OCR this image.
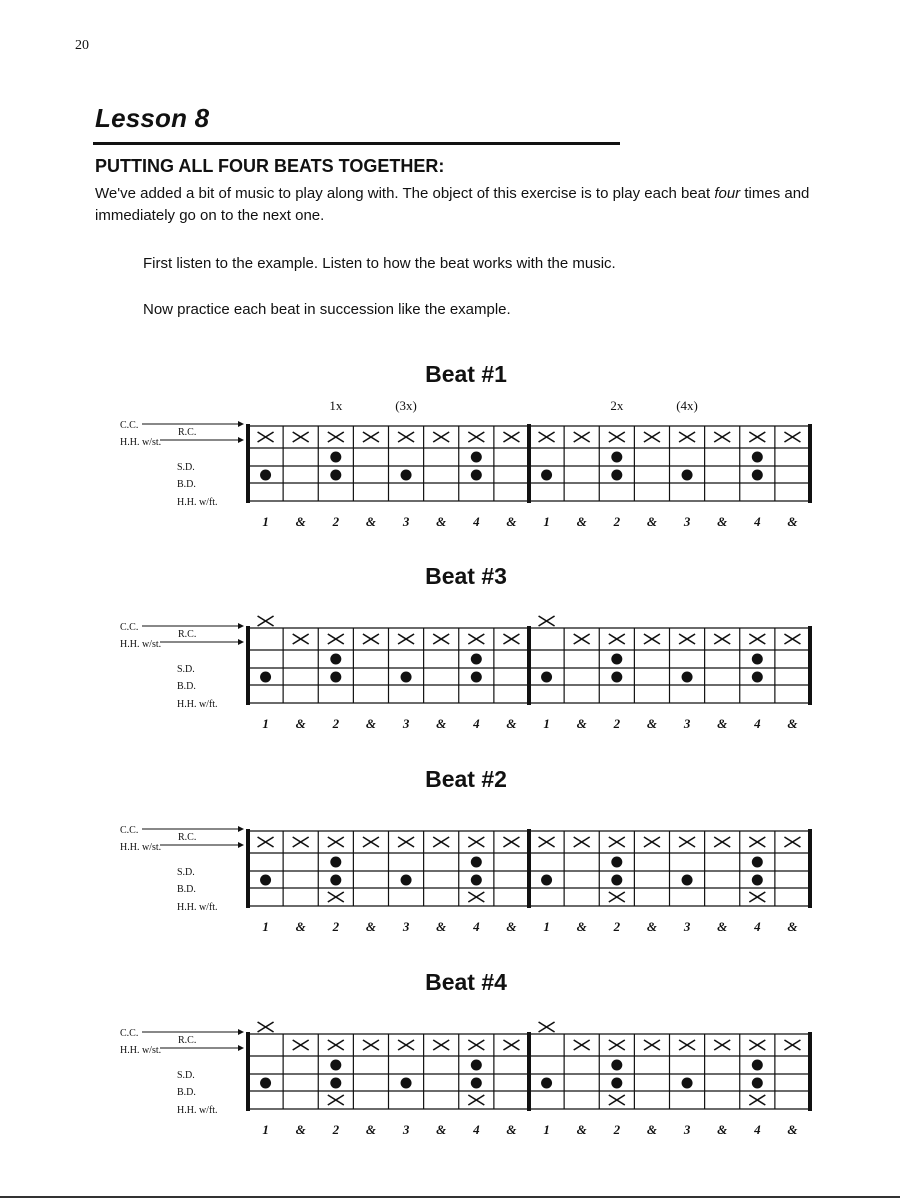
20
Lesson 8
PUTTING ALL FOUR BEATS TOGETHER:
We've added a bit of music to play along with. The object of this exercise is to play each beat four times and immediately go on to the next one.
First listen to the example. Listen to how the beat works with the music.
Now practice each beat in succession like the example.
Beat #1
1x	(3x)	2x	(4x)
C.C.
R.C.
H.H. w/st.
S.D.
B.D.
H.H. w/ft.
1 & 2 & 3 & 4 & 1 & 2 & 3 & 4 &
Beat #3
C.C.
R.C.
H.H. w/st.
S.D.
B.D.
H.H. w/ft.
1 & 2 & 3 & 4 & 1 & 2 & 3 & 4 &
Beat #2
C.C.
R.C.
H.H. w/st.
S.D.
B.D.
H.H. w/ft.
1 & 2 & 3 & 4 & 1 & 2 & 3 & 4 &
Beat #4
C.C.
R.C.
H.H. w/st.
S.D.
B.D.
H.H. w/ft.
1 & 2 & 3 & 4 & 1 & 2 & 3 & 4 &
